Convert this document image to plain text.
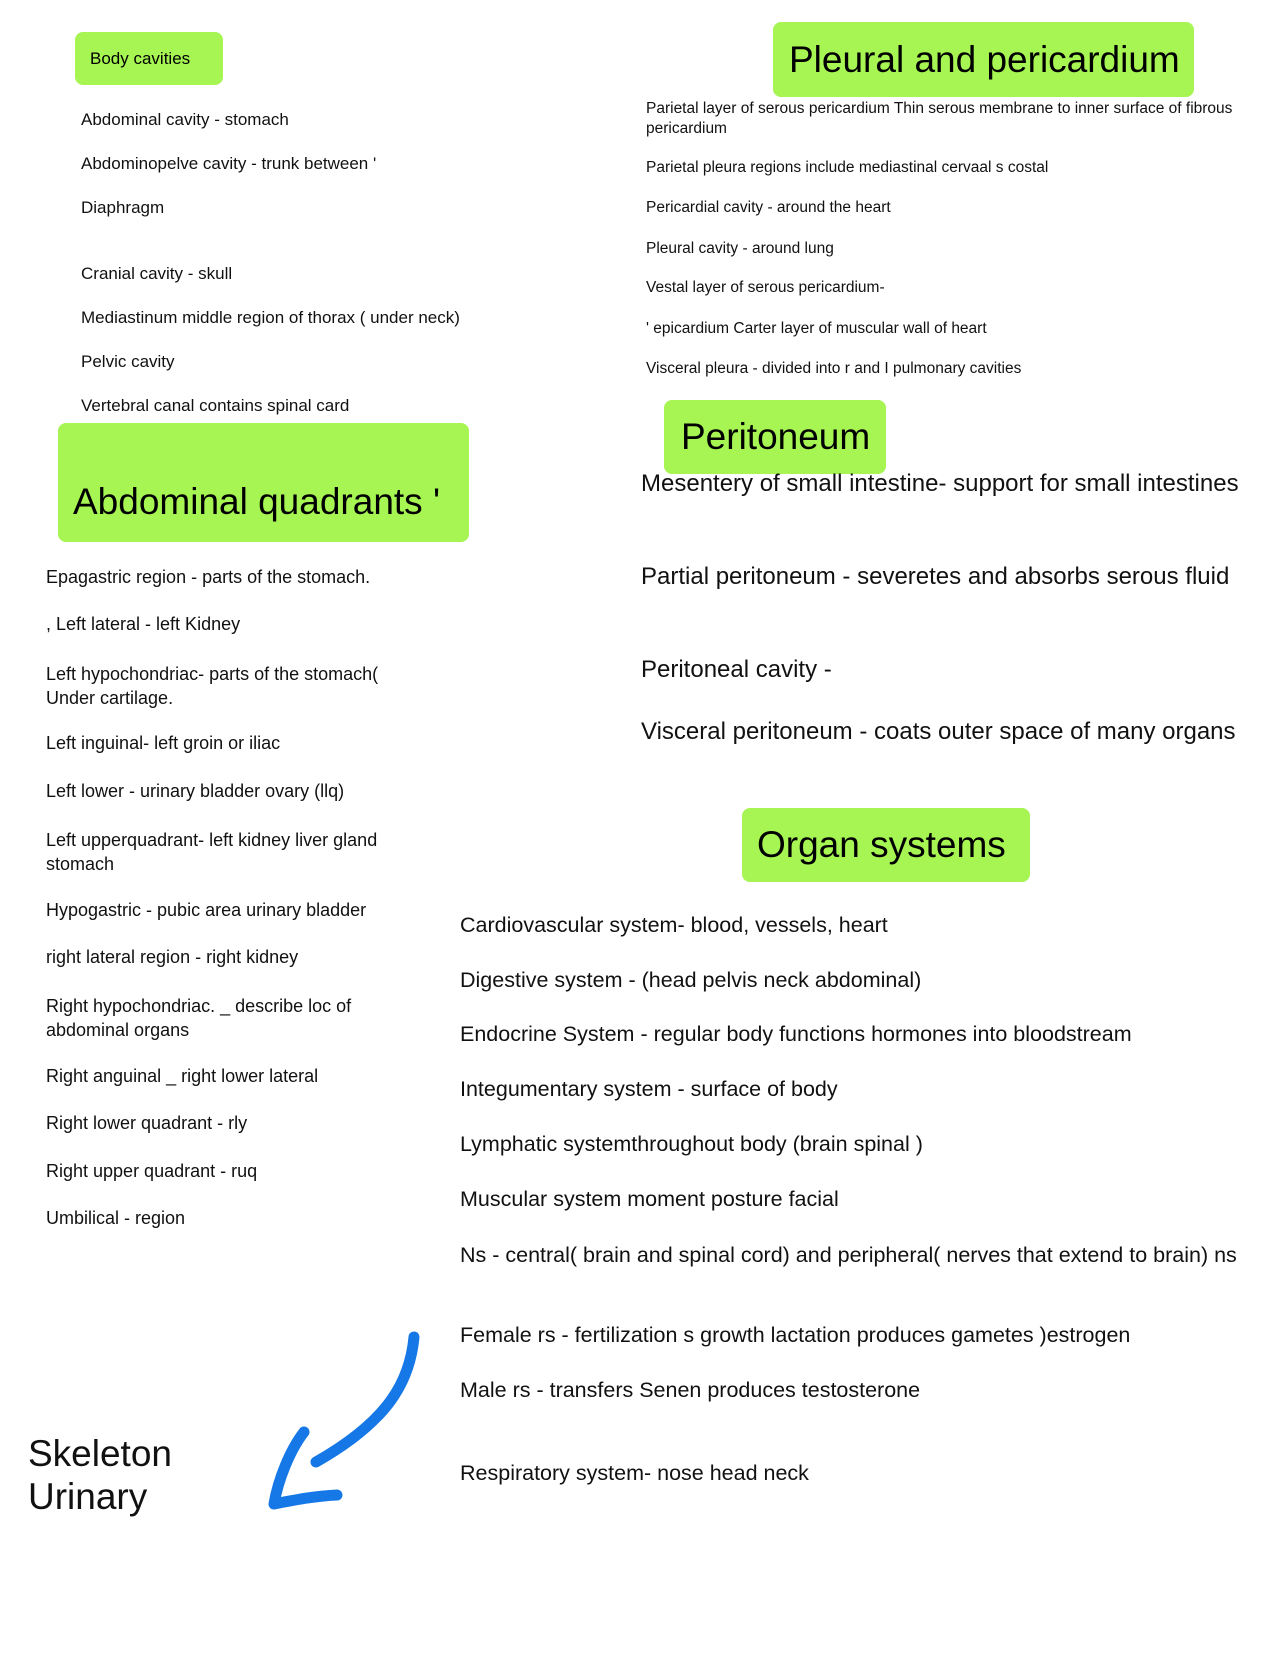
Body cavities
Abdominal cavity - stomach
Abdominopelve cavity - trunk between '
Diaphragm
Cranial cavity - skull
Mediastinum middle region of thorax ( under neck)
Pelvic cavity
Vertebral canal contains spinal card
Pleural and pericardium
Parietal layer of serous pericardium Thin serous membrane to inner surface of fibrous pericardium
Parietal pleura regions include mediastinal cervaal s costal
Pericardial cavity - around the heart
Pleural cavity - around lung
Vestal layer of serous pericardium-
' epicardium Carter layer of muscular wall of heart
Visceral pleura - divided into r and I pulmonary cavities
Abdominal quadrants '
Epagastric region - parts of the stomach.
, Left lateral - left Kidney
Left hypochondriac- parts of the stomach( Under cartilage.
Left inguinal- left groin or iliac
Left lower - urinary bladder ovary (llq)
Left upperquadrant- left kidney liver gland stomach
Hypogastric - pubic area urinary bladder
right lateral region - right kidney
Right hypochondriac. _ describe loc of abdominal organs
Right anguinal _ right lower lateral
Right lower quadrant - rly
Right upper quadrant - ruq
Umbilical - region
Peritoneum
Mesentery of small intestine- support for small intestines
Partial peritoneum - severetes and absorbs serous fluid
Peritoneal cavity -
Visceral peritoneum - coats outer space of many organs
Organ systems
Cardiovascular system- blood, vessels, heart
Digestive system - (head pelvis neck abdominal)
Endocrine System - regular body functions hormones into bloodstream
Integumentary system - surface of body
Lymphatic systemthroughout body (brain spinal )
Muscular system moment posture facial
Ns - central( brain and spinal cord) and peripheral( nerves that extend to brain) ns
Female rs - fertilization s growth lactation produces gametes )estrogen
Male rs - transfers Senen produces testosterone
Respiratory system- nose head neck
Skeleton
Urinary
